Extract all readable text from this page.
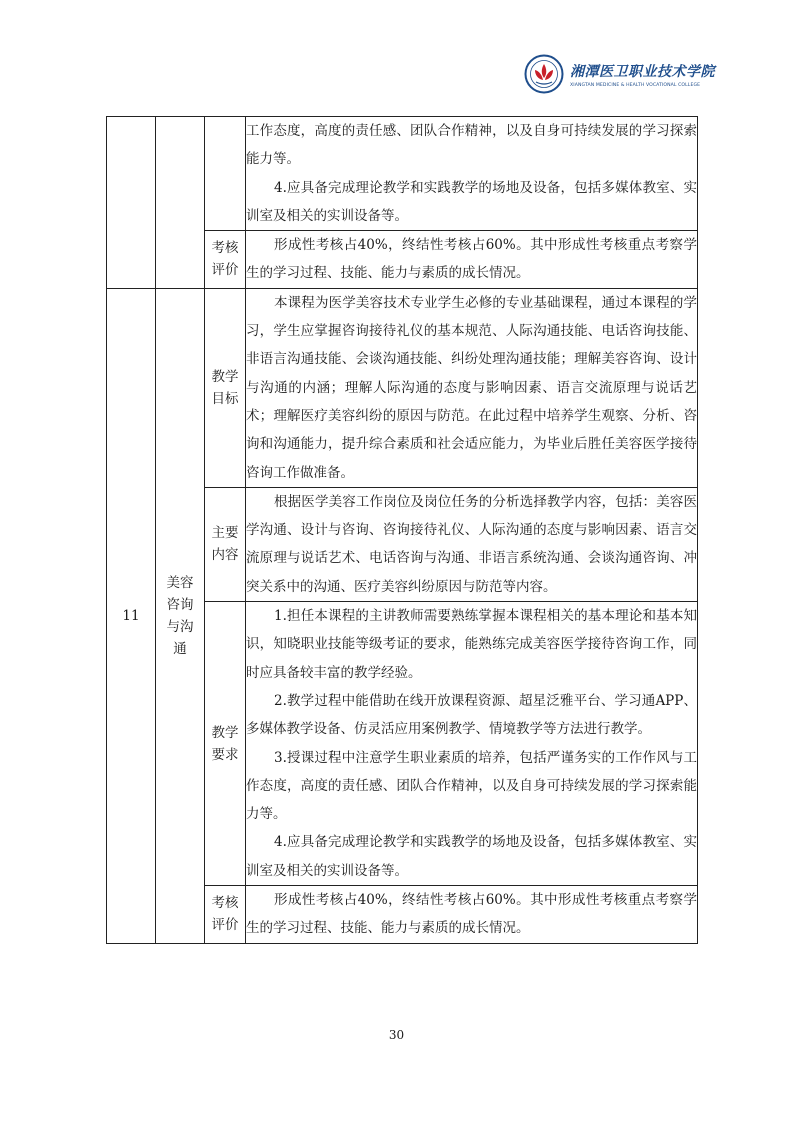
湘潭医卫职业技术学院
XIANGTAN MEDICINE & HEALTH VOCATIONAL COLLEGE

			工作态度，高度的责任感、团队合作精神，以及自身可持续发展的学习探索能力等。

4.应具备完成理论教学和实践教学的场地及设备，包括多媒体教室、实训室及相关的实训设备等。

		考核评价	形成性考核占40%，终结性考核占60%。其中形成性考核重点考察学生的学习过程、技能、能力与素质的成长情况。

11	美容咨询与沟通	教学目标	本课程为医学美容技术专业学生必修的专业基础课程，通过本课程的学习，学生应掌握咨询接待礼仪的基本规范、人际沟通技能、电话咨询技能、非语言沟通技能、会谈沟通技能、纠纷处理沟通技能；理解美容咨询、设计与沟通的内涵；理解人际沟通的态度与影响因素、语言交流原理与说话艺术；理解医疗美容纠纷的原因与防范。在此过程中培养学生观察、分析、咨询和沟通能力，提升综合素质和社会适应能力，为毕业后胜任美容医学接待咨询工作做准备。

		主要内容	根据医学美容工作岗位及岗位任务的分析选择教学内容，包括：美容医学沟通、设计与咨询、咨询接待礼仪、人际沟通的态度与影响因素、语言交流原理与说话艺术、电话咨询与沟通、非语言系统沟通、会谈沟通咨询、冲突关系中的沟通、医疗美容纠纷原因与防范等内容。

		教学要求	1.担任本课程的主讲教师需要熟练掌握本课程相关的基本理论和基本知识，知晓职业技能等级考证的要求，能熟练完成美容医学接待咨询工作，同时应具备较丰富的教学经验。

2.教学过程中能借助在线开放课程资源、超星泛雅平台、学习通APP、多媒体教学设备、仿灵活应用案例教学、情境教学等方法进行教学。

3.授课过程中注意学生职业素质的培养，包括严谨务实的工作作风与工作态度，高度的责任感、团队合作精神，以及自身可持续发展的学习探索能力等。

4.应具备完成理论教学和实践教学的场地及设备，包括多媒体教室、实训室及相关的实训设备等。

		考核评价	形成性考核占40%，终结性考核占60%。其中形成性考核重点考察学生的学习过程、技能、能力与素质的成长情况。

30
